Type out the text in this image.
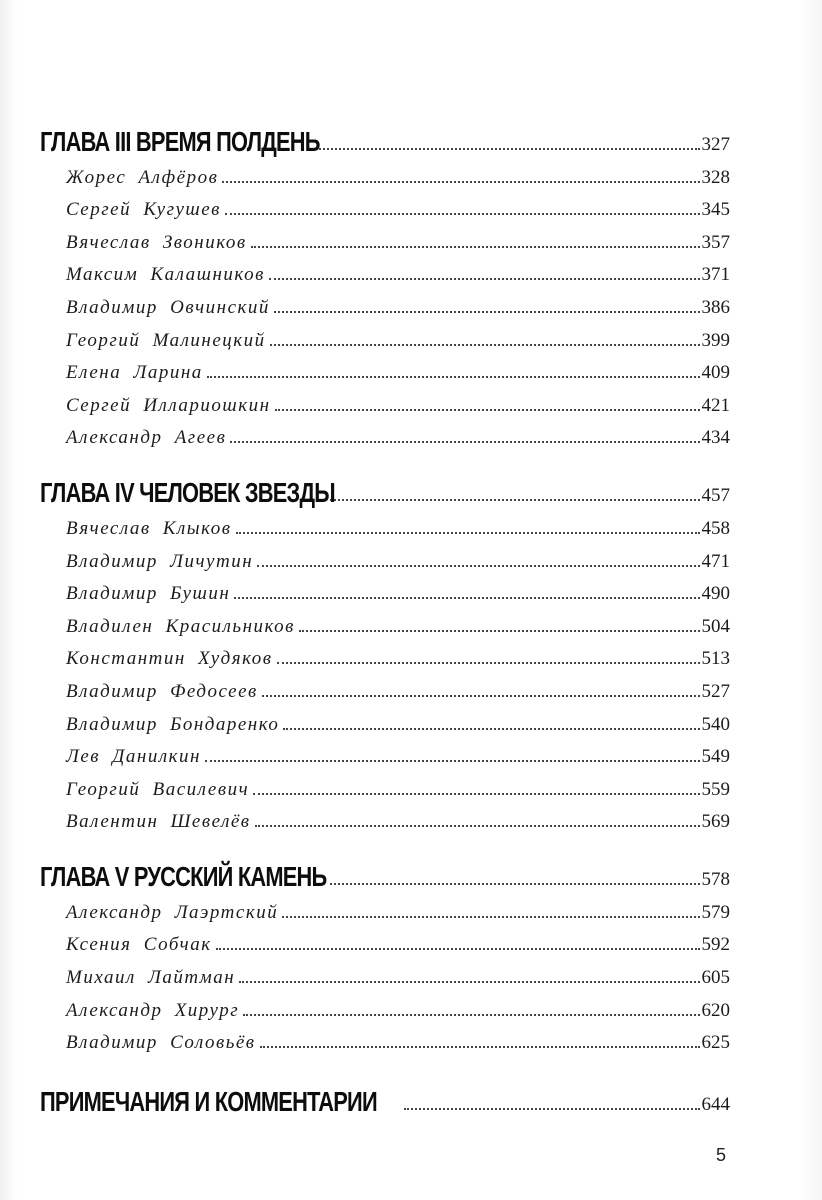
ГЛАВА III ВРЕМЯ ПОЛДЕНЬ	327
Жорес Алфёров	328
Сергей Кугушев	345
Вячеслав Звоников	357
Максим Калашников	371
Владимир Овчинский	386
Георгий Малинецкий	399
Елена Ларина	409
Сергей Иллариошкин	421
Александр Агеев	434
ГЛАВА IV ЧЕЛОВЕК ЗВЕЗДЫ	457
Вячеслав Клыков	458
Владимир Личутин	471
Владимир Бушин	490
Владилен Красильников	504
Константин Худяков	513
Владимир Федосеев	527
Владимир Бондаренко	540
Лев Данилкин	549
Георгий Василевич	559
Валентин Шевелёв	569
ГЛАВА V РУССКИЙ КАМЕНЬ	578
Александр Лаэртский	579
Ксения Собчак	592
Михаил Лайтман	605
Александр Хирург	620
Владимир Соловьёв	625
ПРИМЕЧАНИЯ И КОММЕНТАРИИ	644
5
